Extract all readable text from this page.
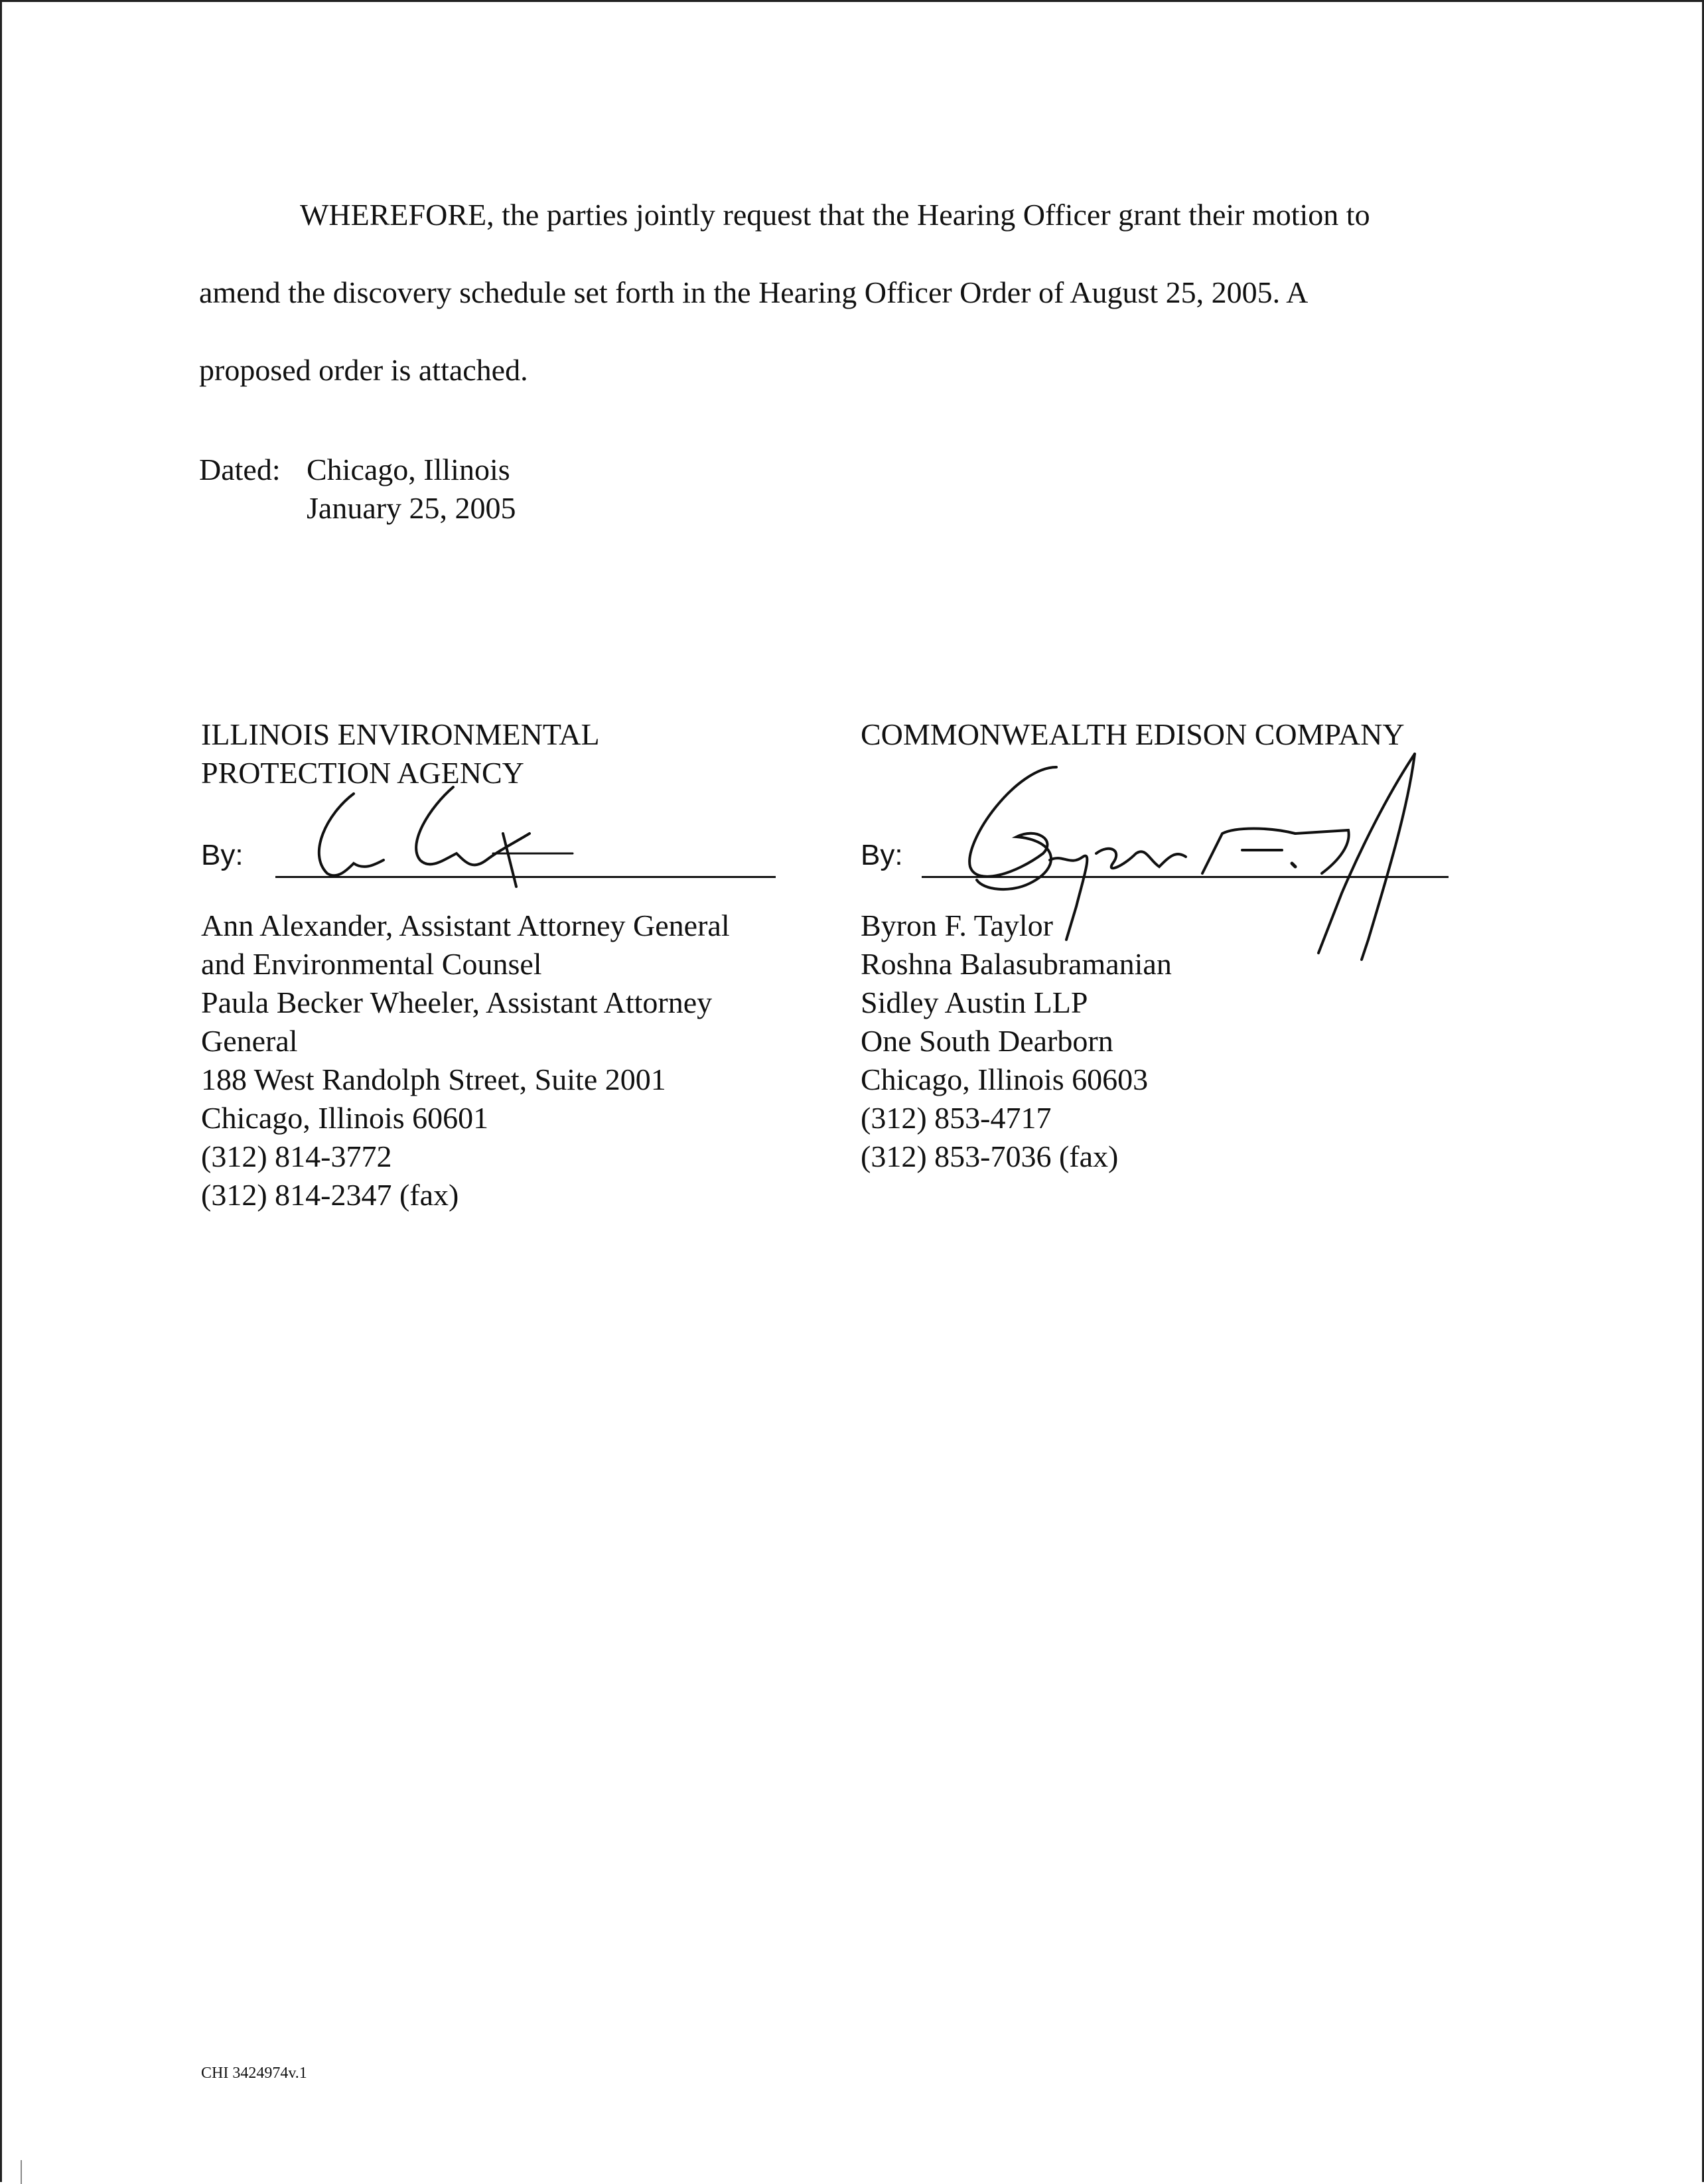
WHEREFORE, the parties jointly request that the Hearing Officer grant their motion to
amend the discovery schedule set forth in the Hearing Officer Order of August 25, 2005. A
proposed order is attached.

Dated: Chicago, Illinois
January 25, 2005
ILLINOIS ENVIRONMENTAL
PROTECTION AGENCY
By:
Ann Alexander, Assistant Attorney General
and Environmental Counsel
Paula Becker Wheeler, Assistant Attorney
General
188 West Randolph Street, Suite 2001
Chicago, Illinois 60601
(312) 814-3772
(312) 814-2347 (fax)
COMMONWEALTH EDISON COMPANY

By:
Byron F. Taylor
Roshna Balasubramanian
Sidley Austin LLP
One South Dearborn
Chicago, Illinois 60603
(312) 853-4717
(312) 853-7036 (fax)
CHI 3424974v.1
